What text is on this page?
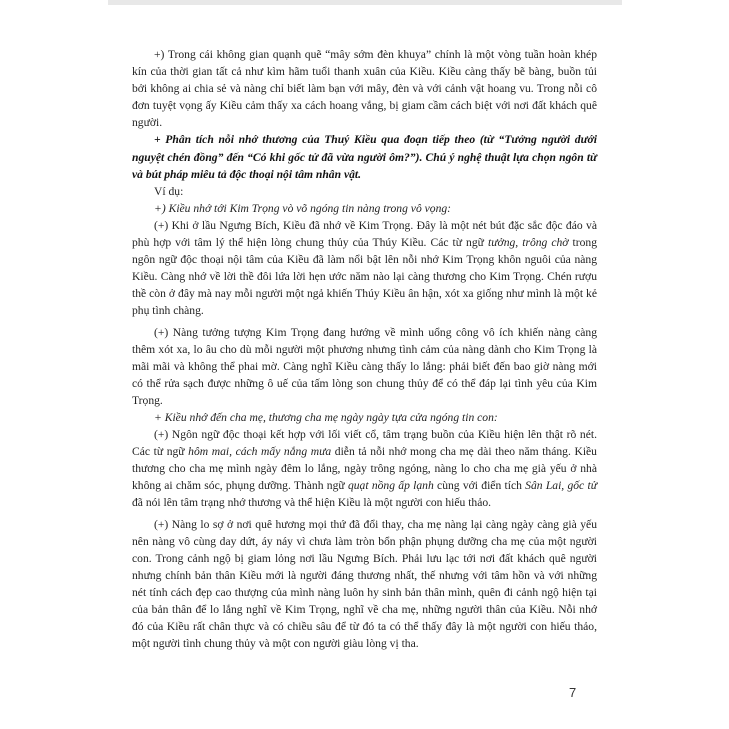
+) Trong cái không gian quạnh quẽ “mây sớm đèn khuya” chính là một vòng tuần hoàn khép kín của thời gian tất cả như kìm hãm tuổi thanh xuân của Kiều. Kiều càng thấy bẽ bàng, buồn tủi bởi không ai chia sẻ và nàng chỉ biết làm bạn với mây, đèn và với cảnh vật hoang vu. Trong nỗi cô đơn tuyệt vọng ấy Kiều cảm thấy xa cách hoang vắng, bị giam cầm cách biệt với nơi đất khách quê người.

+ Phân tích nỗi nhớ thương của Thuý Kiều qua đoạn tiếp theo (từ “Tưởng người dưới nguyệt chén đồng” đến “Có khi gốc tử đã vừa người ôm?”). Chú ý nghệ thuật lựa chọn ngôn từ và bút pháp miêu tả độc thoại nội tâm nhân vật.

Ví dụ:

+) Kiều nhớ tới Kim Trọng vò võ ngóng tin nàng trong vô vọng:

(+) Khi ở lầu Ngưng Bích, Kiều đã nhớ về Kim Trọng. Đây là một nét bút đặc sắc độc đáo và phù hợp với tâm lý thể hiện lòng chung thủy của Thúy Kiều. Các từ ngữ tưởng, trông chờ trong ngôn ngữ độc thoại nội tâm của Kiều đã làm nổi bật lên nỗi nhớ Kim Trọng khôn nguôi của nàng Kiều. Càng nhớ về lời thề đôi lứa lời hẹn ước năm nào lại càng thương cho Kim Trọng. Chén rượu thề còn ở đây mà nay mỗi người một ngả khiến Thúy Kiều ân hận, xót xa giống như mình là một kẻ phụ tình chàng.

(+) Nàng tưởng tượng Kim Trọng đang hướng về mình uổng công vô ích khiến nàng càng thêm xót xa, lo âu cho dù mỗi người một phương nhưng tình cảm của nàng dành cho Kim Trọng là mãi mãi và không thể phai mờ. Càng nghĩ Kiều càng thấy lo lắng: phải biết đến bao giờ nàng mới có thể rửa sạch được những ô uế của tấm lòng son chung thủy để có thể đáp lại tình yêu của Kim Trọng.

+ Kiều nhớ đến cha mẹ, thương cha mẹ ngày ngày tựa cửa ngóng tin con:

(+) Ngôn ngữ độc thoại kết hợp với lối viết cổ, tâm trạng buồn của Kiều hiện lên thật rõ nét. Các từ ngữ hôm mai, cách mấy nắng mưa diễn tả nỗi nhớ mong cha mẹ dài theo năm tháng. Kiều thương cho cha mẹ mình ngày đêm lo lắng, ngày trông ngóng, nàng lo cho cha mẹ già yếu ở nhà không ai chăm sóc, phụng dưỡng. Thành ngữ quạt nồng ấp lạnh cùng với điển tích Sân Lai, gốc tử đã nói lên tâm trạng nhớ thương và thể hiện Kiều là một người con hiếu thảo.

(+) Nàng lo sợ ở nơi quê hương mọi thứ đã đổi thay, cha mẹ nàng lại càng ngày càng già yếu nên nàng vô cùng day dứt, áy náy vì chưa làm tròn bổn phận phụng dưỡng cha mẹ của một người con. Trong cảnh ngộ bị giam lỏng nơi lầu Ngưng Bích. Phải lưu lạc tới nơi đất khách quê người nhưng chính bản thân Kiều mới là người đáng thương nhất, thế nhưng với tâm hồn và với những nét tính cách đẹp cao thượng của mình nàng luôn hy sinh bản thân mình, quên đi cảnh ngộ hiện tại của bản thân để lo lắng nghĩ về Kim Trọng, nghĩ về cha mẹ, những người thân của Kiều. Nỗi nhớ đó của Kiều rất chân thực và có chiều sâu để từ đó ta có thể thấy đây là một người con hiếu thảo, một người tình chung thủy và một con người giàu lòng vị tha.

7
